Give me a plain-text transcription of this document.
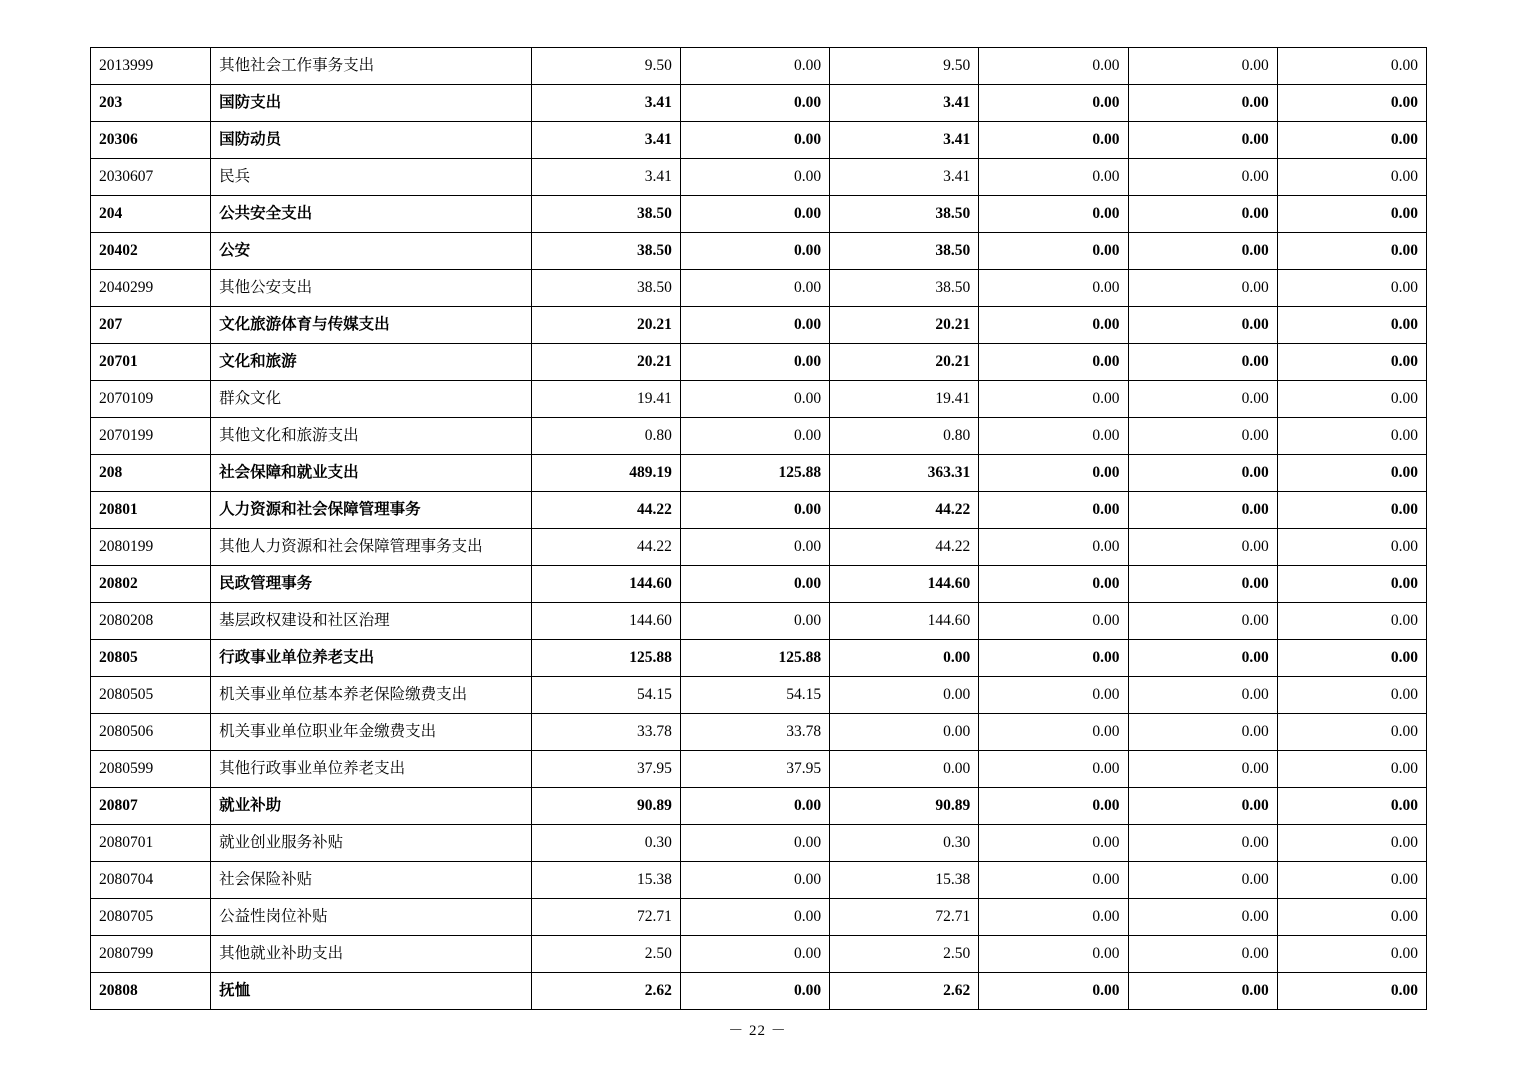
2013999	其他社会工作事务支出	9.50	0.00	9.50	0.00	0.00	0.00
203	国防支出	3.41	0.00	3.41	0.00	0.00	0.00
20306	国防动员	3.41	0.00	3.41	0.00	0.00	0.00
2030607	民兵	3.41	0.00	3.41	0.00	0.00	0.00
204	公共安全支出	38.50	0.00	38.50	0.00	0.00	0.00
20402	公安	38.50	0.00	38.50	0.00	0.00	0.00
2040299	其他公安支出	38.50	0.00	38.50	0.00	0.00	0.00
207	文化旅游体育与传媒支出	20.21	0.00	20.21	0.00	0.00	0.00
20701	文化和旅游	20.21	0.00	20.21	0.00	0.00	0.00
2070109	群众文化	19.41	0.00	19.41	0.00	0.00	0.00
2070199	其他文化和旅游支出	0.80	0.00	0.80	0.00	0.00	0.00
208	社会保障和就业支出	489.19	125.88	363.31	0.00	0.00	0.00
20801	人力资源和社会保障管理事务	44.22	0.00	44.22	0.00	0.00	0.00
2080199	其他人力资源和社会保障管理事务支出	44.22	0.00	44.22	0.00	0.00	0.00
20802	民政管理事务	144.60	0.00	144.60	0.00	0.00	0.00
2080208	基层政权建设和社区治理	144.60	0.00	144.60	0.00	0.00	0.00
20805	行政事业单位养老支出	125.88	125.88	0.00	0.00	0.00	0.00
2080505	机关事业单位基本养老保险缴费支出	54.15	54.15	0.00	0.00	0.00	0.00
2080506	机关事业单位职业年金缴费支出	33.78	33.78	0.00	0.00	0.00	0.00
2080599	其他行政事业单位养老支出	37.95	37.95	0.00	0.00	0.00	0.00
20807	就业补助	90.89	0.00	90.89	0.00	0.00	0.00
2080701	就业创业服务补贴	0.30	0.00	0.30	0.00	0.00	0.00
2080704	社会保险补贴	15.38	0.00	15.38	0.00	0.00	0.00
2080705	公益性岗位补贴	72.71	0.00	72.71	0.00	0.00	0.00
2080799	其他就业补助支出	2.50	0.00	2.50	0.00	0.00	0.00
20808	抚恤	2.62	0.00	2.62	0.00	0.00	0.00
－ 22 －
